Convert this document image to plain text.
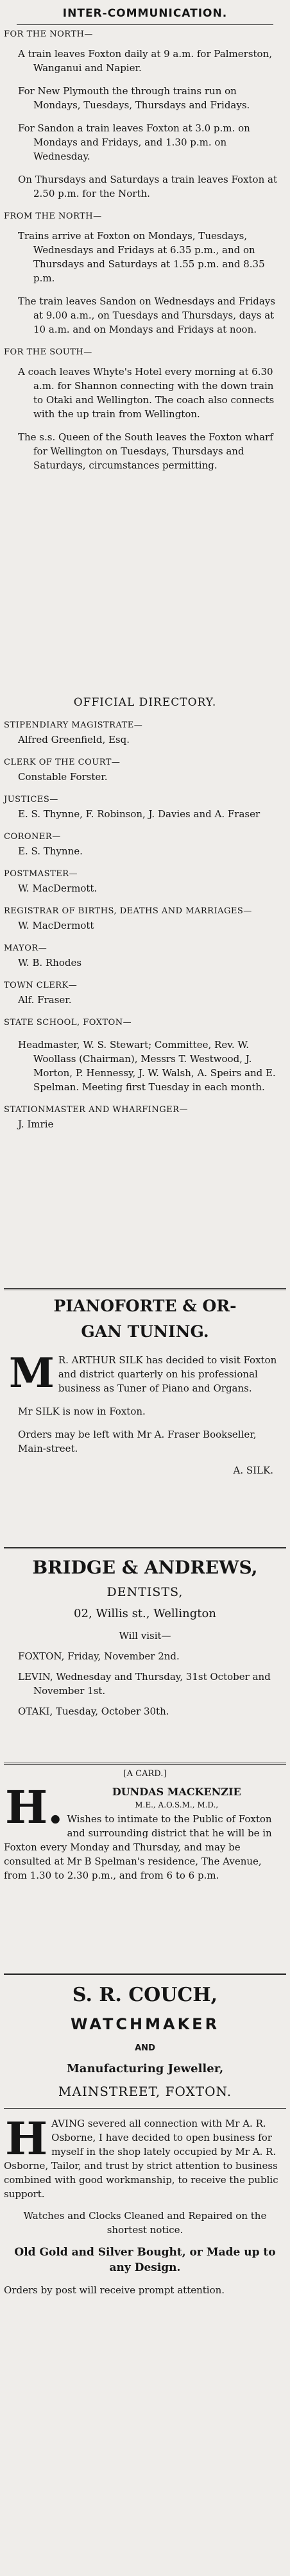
INTER-COMMUNICATION.

FOR THE NORTH—

A train leaves Foxton daily at 9 a.m. for Palmerston, Wanganui and Napier.

For New Plymouth the through trains run on Mondays, Tuesdays, Thursdays and Fridays.

For Sandon a train leaves Foxton at 3.0 p.m. on Mondays and Fridays, and 1.30 p.m. on Wednesday.

On Thursdays and Saturdays a train leaves Foxton at 2.50 p.m. for the North.

FROM THE NORTH—

Trains arrive at Foxton on Mondays, Tuesdays, Wednesdays and Fridays at 6.35 p.m., and on Thursdays and Saturdays at 1.55 p.m. and 8.35 p.m.

The train leaves Sandon on Wednesdays and Fridays at 9.00 a.m., on Tuesdays and Thursdays, days at 10 a.m. and on Mondays and Fridays at noon.

FOR THE SOUTH—

A coach leaves Whyte's Hotel every morning at 6.30 a.m. for Shannon connecting with the down train to Otaki and Wellington. The coach also connects with the up train from Wellington.

The s.s. Queen of the South leaves the Foxton wharf for Wellington on Tuesdays, Thursdays and Saturdays, circumstances permitting.

OFFICIAL DIRECTORY.

STIPENDIARY MAGISTRATE—

Alfred Greenfield, Esq.

CLERK OF THE COURT—

Constable Forster.

JUSTICES—

E. S. Thynne, F. Robinson, J. Davies and A. Fraser

CORONER—

E. S. Thynne.

POSTMASTER—

W. MacDermott.

REGISTRAR OF BIRTHS, DEATHS AND MARRIAGES—

W. MacDermott

MAYOR—

W. B. Rhodes

TOWN CLERK—

Alf. Fraser.

STATE SCHOOL, FOXTON—

Headmaster, W. S. Stewart; Committee, Rev. W. Woollass (Chairman), Messrs T. Westwood, J. Morton, P. Hennessy, J. W. Walsh, A. Speirs and E. Spelman. Meeting first Tuesday in each month.

STATIONMASTER AND WHARFINGER—

J. Imrie

PIANOFORTE & OR-

GAN TUNING.

M R. ARTHUR SILK has decided to visit Foxton and district quarterly on his professional business as Tuner of Piano and Organs.

Mr SILK is now in Foxton.

Orders may be left with Mr A. Fraser Bookseller, Main-street.

A. SILK.

BRIDGE & ANDREWS,

DENTISTS,

02, Willis st., Wellington

Will visit—

FOXTON, Friday, November 2nd.

LEVIN, Wednesday and Thursday, 31st October and November 1st.

OTAKI, Tuesday, October 30th.

[A CARD.]

H.	DUNDAS MACKENZIE

M.E., A.O.S.M., M.D.,

Wishes to intimate to the Public of Foxton and surrounding district that he will be in Foxton every Monday and Thursday, and may be consulted at Mr B Spelman's residence, The Avenue, from 1.30 to 2.30 p.m., and from 6 to 6 p.m.

S. R. COUCH,

WATCHMAKER

AND

Manufacturing Jeweller,

MAINSTREET, FOXTON.

H AVING severed all connection with Mr A. R. Osborne, I have decided to open business for myself in the shop lately occupied by Mr A. R. Osborne, Tailor, and trust by strict attention to business combined with good workmanship, to receive the public support.

Watches and Clocks Cleaned and Repaired on the shortest notice.

Old Gold and Silver Bought, or Made up to any Design.

Orders by post will receive prompt attention.
